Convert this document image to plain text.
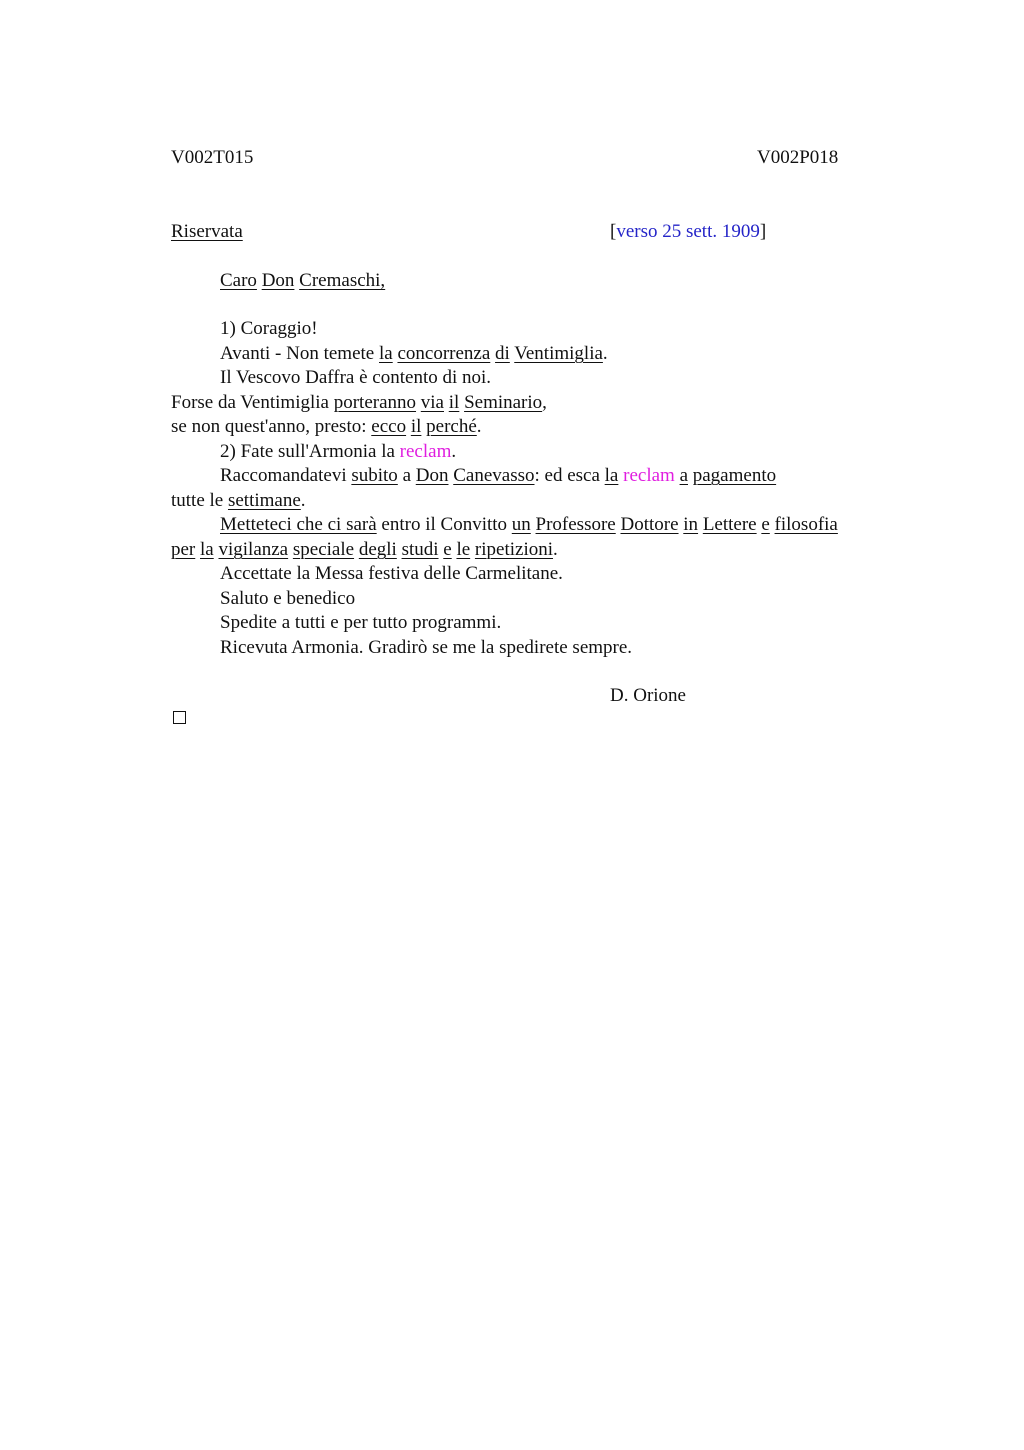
V002T015	V002P018
Riservata	[verso 25 sett. 1909]
Caro Don Cremaschi,
1) Coraggio!
Avanti - Non temete la concorrenza di Ventimiglia.
Il Vescovo Daffra è contento di noi.
Forse da Ventimiglia porteranno via il Seminario,
se non quest'anno, presto: ecco il perché.
2) Fate sull'Armonia la reclam.
Raccomandatevi subito a Don Canevasso: ed esca la reclam a pagamento
tutte le settimane.
Metteteci che ci sarà entro il Convitto un Professore Dottore in Lettere e filosofia
per la vigilanza speciale degli studi e le ripetizioni.
Accettate la Messa festiva delle Carmelitane.
Saluto e benedico
Spedite a tutti e per tutto programmi.
Ricevuta Armonia. Gradirò se me la spedirete sempre.
D. Orione
